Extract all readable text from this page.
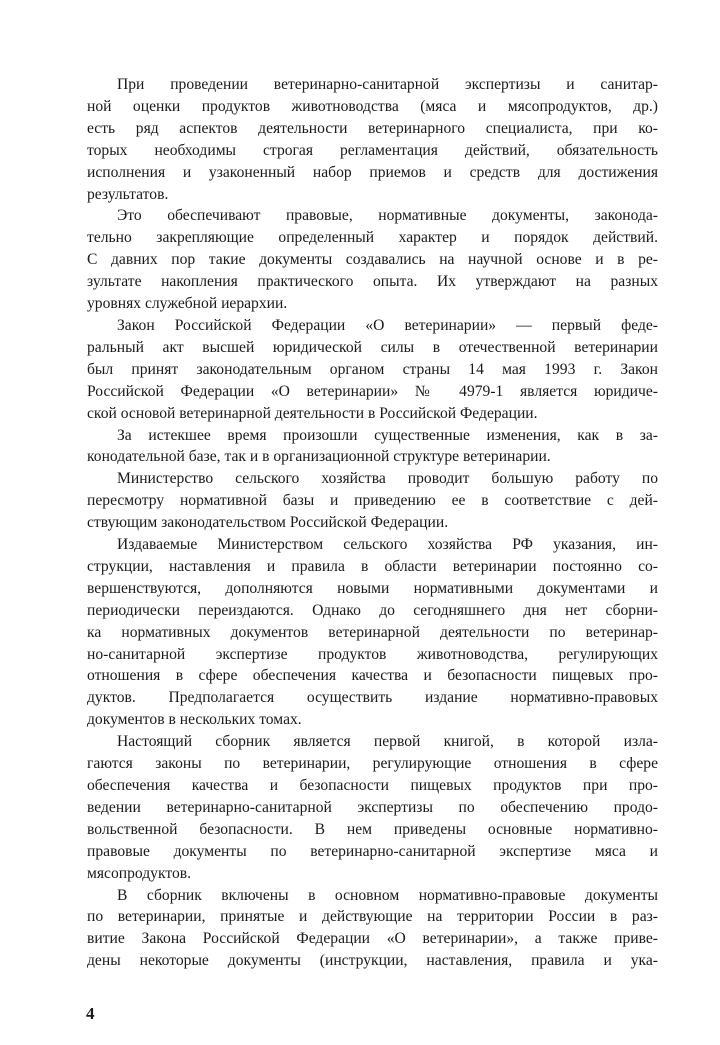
При проведении ветеринарно-санитарной экспертизы и санитар-
ной оценки продуктов животноводства (мяса и мясопродуктов, др.)
есть ряд аспектов деятельности ветеринарного специалиста, при ко-
торых необходимы строгая регламентация действий, обязательность
исполнения и узаконенный набор приемов и средств для достижения
результатов.
Это обеспечивают правовые, нормативные документы, законода-
тельно закрепляющие определенный характер и порядок действий.
С давних пор такие документы создавались на научной основе и в ре-
зультате накопления практического опыта. Их утверждают на разных
уровнях служебной иерархии.
Закон Российской Федерации «О ветеринарии» — первый феде-
ральный акт высшей юридической силы в отечественной ветеринарии
был принят законодательным органом страны 14 мая 1993 г. Закон
Российской Федерации «О ветеринарии» № 4979-1 является юридиче-
ской основой ветеринарной деятельности в Российской Федерации.
За истекшее время произошли существенные изменения, как в за-
конодательной базе, так и в организационной структуре ветеринарии.
Министерство сельского хозяйства проводит большую работу по
пересмотру нормативной базы и приведению ее в соответствие с дей-
ствующим законодательством Российской Федерации.
Издаваемые Министерством сельского хозяйства РФ указания, ин-
струкции, наставления и правила в области ветеринарии постоянно со-
вершенствуются, дополняются новыми нормативными документами и
периодически переиздаются. Однако до сегодняшнего дня нет сборни-
ка нормативных документов ветеринарной деятельности по ветеринар-
но-санитарной экспертизе продуктов животноводства, регулирующих
отношения в сфере обеспечения качества и безопасности пищевых про-
дуктов. Предполагается осуществить издание нормативно-правовых
документов в нескольких томах.
Настоящий сборник является первой книгой, в которой изла-
гаются законы по ветеринарии, регулирующие отношения в сфере
обеспечения качества и безопасности пищевых продуктов при про-
ведении ветеринарно-санитарной экспертизы по обеспечению продо-
вольственной безопасности. В нем приведены основные нормативно-
правовые документы по ветеринарно-санитарной экспертизе мяса и
мясопродуктов.
В сборник включены в основном нормативно-правовые документы
по ветеринарии, принятые и действующие на территории России в раз-
витие Закона Российской Федерации «О ветеринарии», а также приве-
дены некоторые документы (инструкции, наставления, правила и ука-
4
